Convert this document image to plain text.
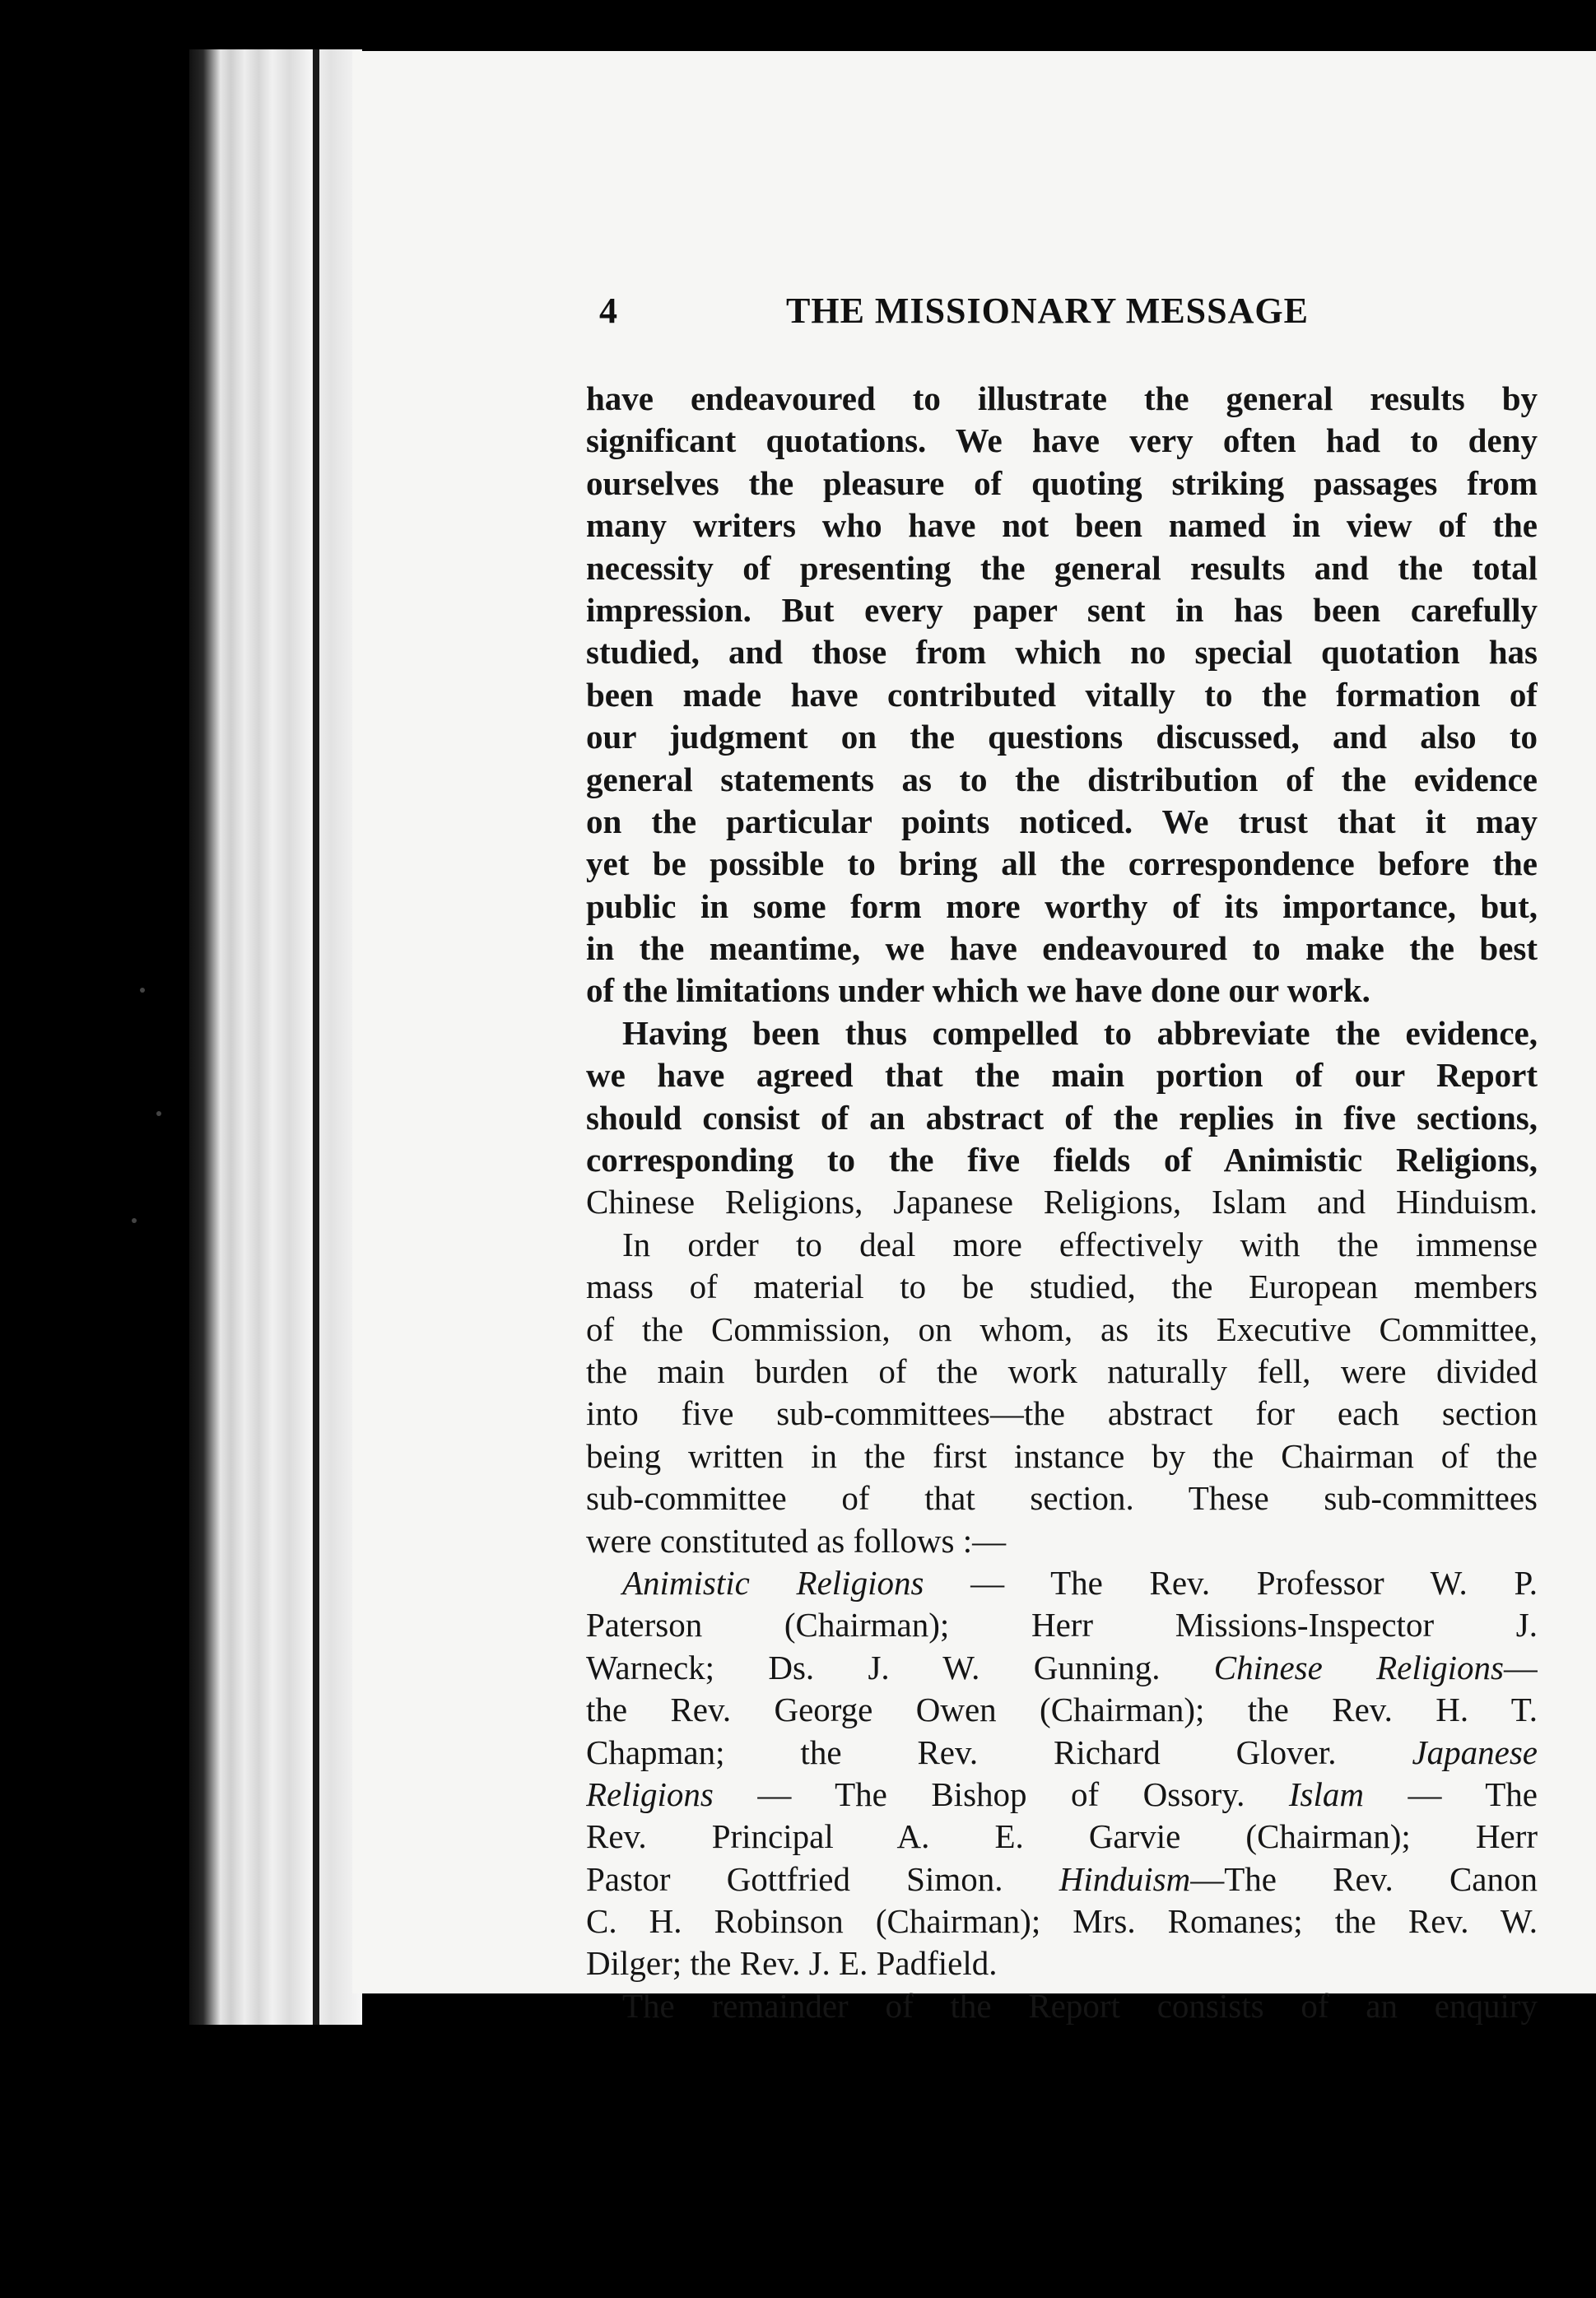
4	THE MISSIONARY MESSAGE
have endeavoured to illustrate the general results by
significant quotations. We have very often had to deny
ourselves the pleasure of quoting striking passages from
many writers who have not been named in view of the
necessity of presenting the general results and the total
impression. But every paper sent in has been carefully
studied, and those from which no special quotation has
been made have contributed vitally to the formation of
our judgment on the questions discussed, and also to
general statements as to the distribution of the evidence
on the particular points noticed. We trust that it may
yet be possible to bring all the correspondence before the
public in some form more worthy of its importance, but,
in the meantime, we have endeavoured to make the best
of the limitations under which we have done our work.
Having been thus compelled to abbreviate the evidence,
we have agreed that the main portion of our Report
should consist of an abstract of the replies in five sections,
corresponding to the five fields of Animistic Religions,
Chinese Religions, Japanese Religions, Islam and Hinduism.
In order to deal more effectively with the immense
mass of material to be studied, the European members
of the Commission, on whom, as its Executive Committee,
the main burden of the work naturally fell, were divided
into five sub-committees—the abstract for each section
being written in the first instance by the Chairman of the
sub-committee of that section. These sub-committees
were constituted as follows :—
Animistic Religions — The Rev. Professor W. P.
Paterson (Chairman); Herr Missions-Inspector J.
Warneck; Ds. J. W. Gunning. Chinese Religions—
the Rev. George Owen (Chairman); the Rev. H. T.
Chapman; the Rev. Richard Glover. Japanese
Religions — The Bishop of Ossory. Islam — The
Rev. Principal A. E. Garvie (Chairman); Herr
Pastor Gottfried Simon. Hinduism—The Rev. Canon
C. H. Robinson (Chairman); Mrs. Romanes; the Rev. W.
Dilger; the Rev. J. E. Padfield.
The remainder of the Report consists of an enquiry
